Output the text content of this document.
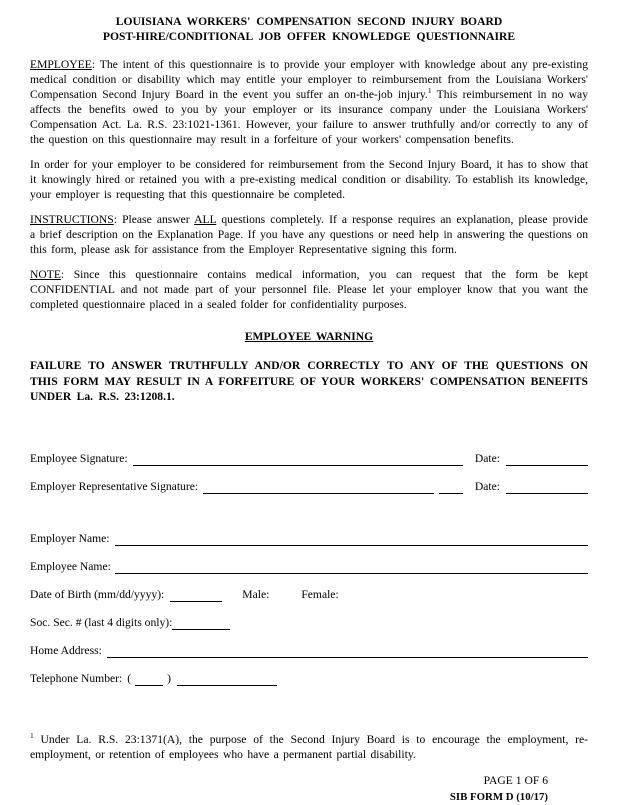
LOUISIANA WORKERS' COMPENSATION SECOND INJURY BOARD
POST-HIRE/CONDITIONAL JOB OFFER KNOWLEDGE QUESTIONNAIRE

EMPLOYEE: The intent of this questionnaire is to provide your employer with knowledge about any pre-existing medical condition or disability which may entitle your employer to reimbursement from the Louisiana Workers' Compensation Second Injury Board in the event you suffer an on-the-job injury.$^1$ This reimbursement in no way affects the benefits owed to you by your employer or its insurance company under the Louisiana Workers' Compensation Act. La. R.S. 23:1021-1361. However, your failure to answer truthfully and/or correctly to any of the question on this questionnaire may result in a forfeiture of your workers' compensation benefits.

In order for your employer to be considered for reimbursement from the Second Injury Board, it has to show that it knowingly hired or retained you with a pre-existing medical condition or disability. To establish its knowledge, your employer is requesting that this questionnaire be completed.

INSTRUCTIONS: Please answer ALL questions completely. If a response requires an explanation, please provide a brief description on the Explanation Page. If you have any questions or need help in answering the questions on this form, please ask for assistance from the Employer Representative signing this form.

NOTE: Since this questionnaire contains medical information, you can request that the form be kept CONFIDENTIAL and not made part of your personnel file. Please let your employer know that you want the completed questionnaire placed in a sealed folder for confidentiality purposes.

EMPLOYEE WARNING

FAILURE TO ANSWER TRUTHFULLY AND/OR CORRECTLY TO ANY OF THE QUESTIONS ON THIS FORM MAY RESULT IN A FORFEITURE OF YOUR WORKERS' COMPENSATION BENEFITS UNDER La. R.S. 23:1208.1.

Employee Signature:	Date:
Employer Representative Signature:	Date:
Employer Name:
Employee Name:
Date of Birth (mm/dd/yyyy):	Male:	Female:
Soc. Sec. # (last 4 digits only):
Home Address:
Telephone Number: (	)

$^1$ Under La. R.S. 23:1371(A), the purpose of the Second Injury Board is to encourage the employment, re-employment, or retention of employees who have a permanent partial disability.

PAGE 1 OF 6
SIB FORM D (10/17)
